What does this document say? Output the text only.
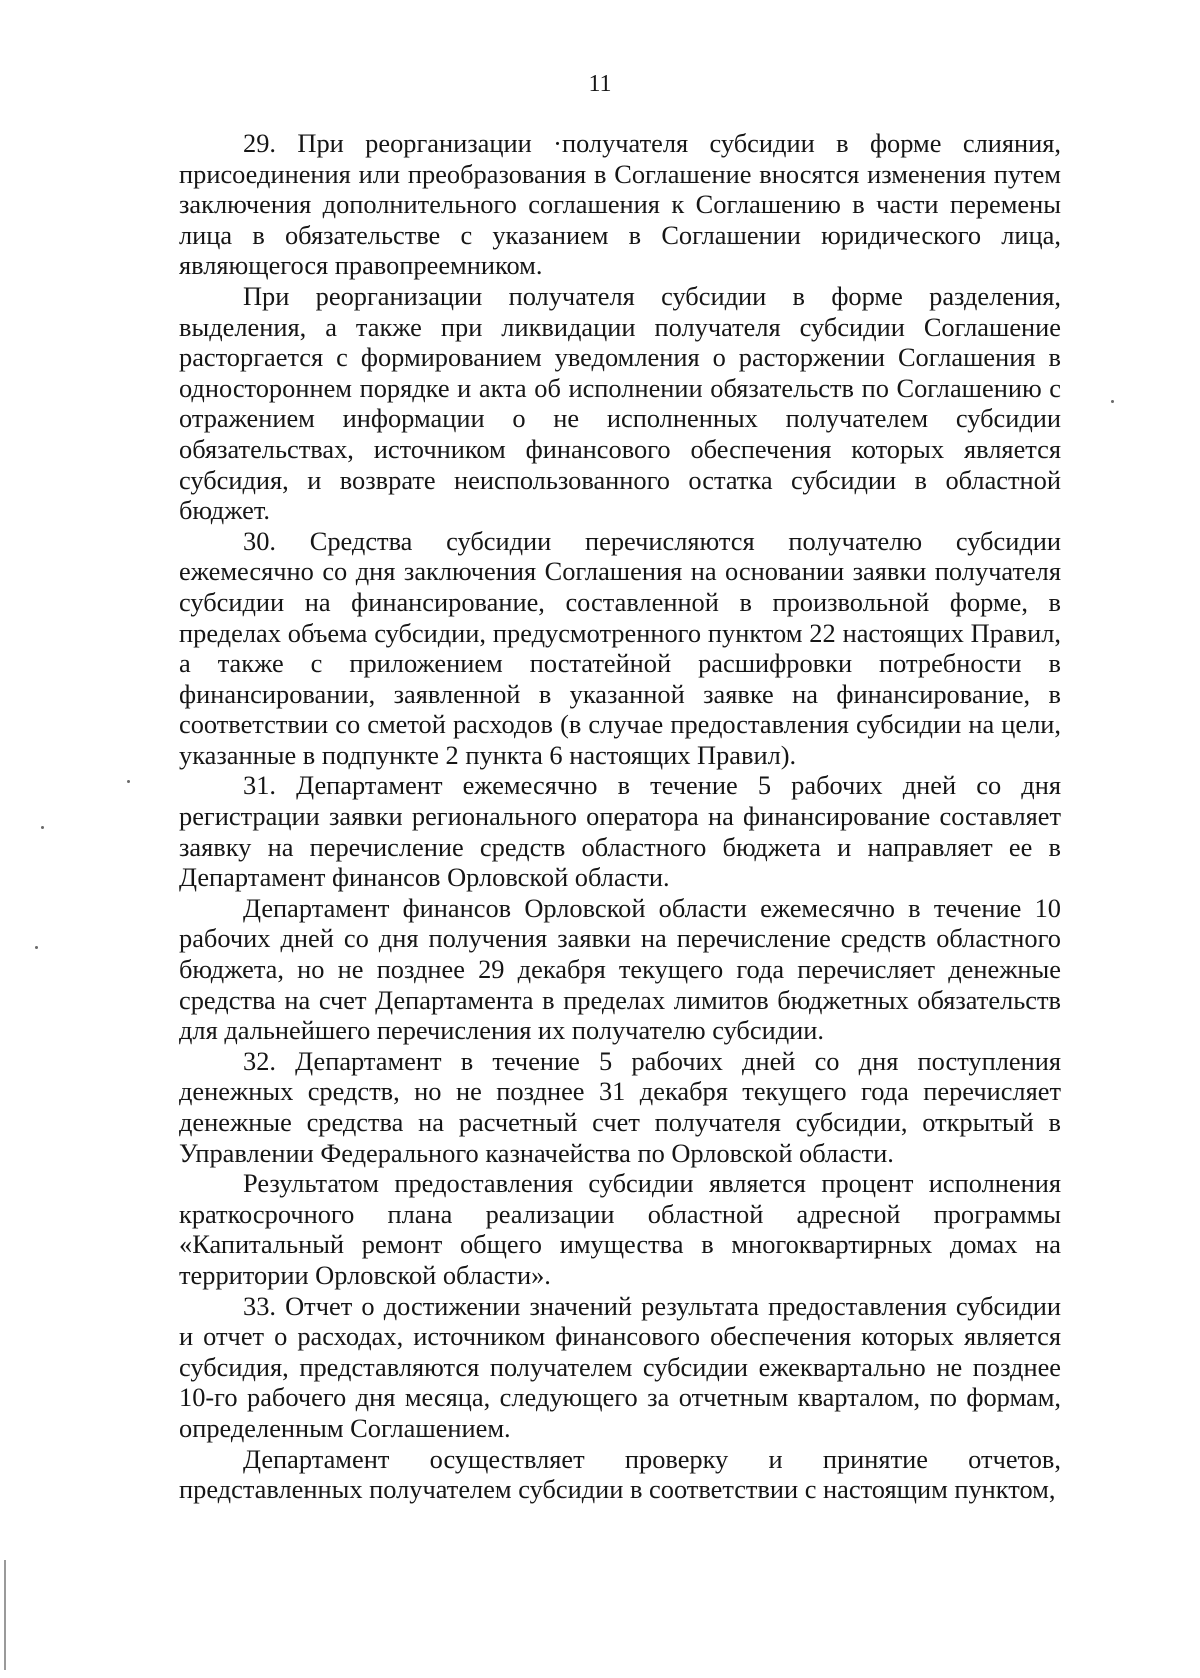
11

29. При реорганизации ·получателя субсидии в форме слияния, присоединения или преобразования в Соглашение вносятся изменения путем заключения дополнительного соглашения к Соглашению в части перемены лица в обязательстве с указанием в Соглашении юридического лица, являющегося правопреемником.

При реорганизации получателя субсидии в форме разделения, выделения, а также при ликвидации получателя субсидии Соглашение расторгается с формированием уведомления о расторжении Соглашения в одностороннем порядке и акта об исполнении обязательств по Соглашению с отражением информации о не исполненных получателем субсидии обязательствах, источником финансового обеспечения которых является субсидия, и возврате неиспользованного остатка субсидии в областной бюджет.

30. Средства субсидии перечисляются получателю субсидии ежемесячно со дня заключения Соглашения на основании заявки получателя субсидии на финансирование, составленной в произвольной форме, в пределах объема субсидии, предусмотренного пунктом 22 настоящих Правил, а также с приложением постатейной расшифровки потребности в финансировании, заявленной в указанной заявке на финансирование, в соответствии со сметой расходов (в случае предоставления субсидии на цели, указанные в подпункте 2 пункта 6 настоящих Правил).

31. Департамент ежемесячно в течение 5 рабочих дней со дня регистрации заявки регионального оператора на финансирование составляет заявку на перечисление средств областного бюджета и направляет ее в Департамент финансов Орловской области.

Департамент финансов Орловской области ежемесячно в течение 10 рабочих дней со дня получения заявки на перечисление средств областного бюджета, но не позднее 29 декабря текущего года перечисляет денежные средства на счет Департамента в пределах лимитов бюджетных обязательств для дальнейшего перечисления их получателю субсидии.

32. Департамент в течение 5 рабочих дней со дня поступления денежных средств, но не позднее 31 декабря текущего года перечисляет денежные средства на расчетный счет получателя субсидии, открытый в Управлении Федерального казначейства по Орловской области.

Результатом предоставления субсидии является процент исполнения краткосрочного плана реализации областной адресной программы «Капитальный ремонт общего имущества в многоквартирных домах на территории Орловской области».

33. Отчет о достижении значений результата предоставления субсидии и отчет о расходах, источником финансового обеспечения которых является субсидия, представляются получателем субсидии ежеквартально не позднее 10-го рабочего дня месяца, следующего за отчетным кварталом, по формам, определенным Соглашением.

Департамент осуществляет проверку и принятие отчетов, представленных получателем субсидии в соответствии с настоящим пунктом,
